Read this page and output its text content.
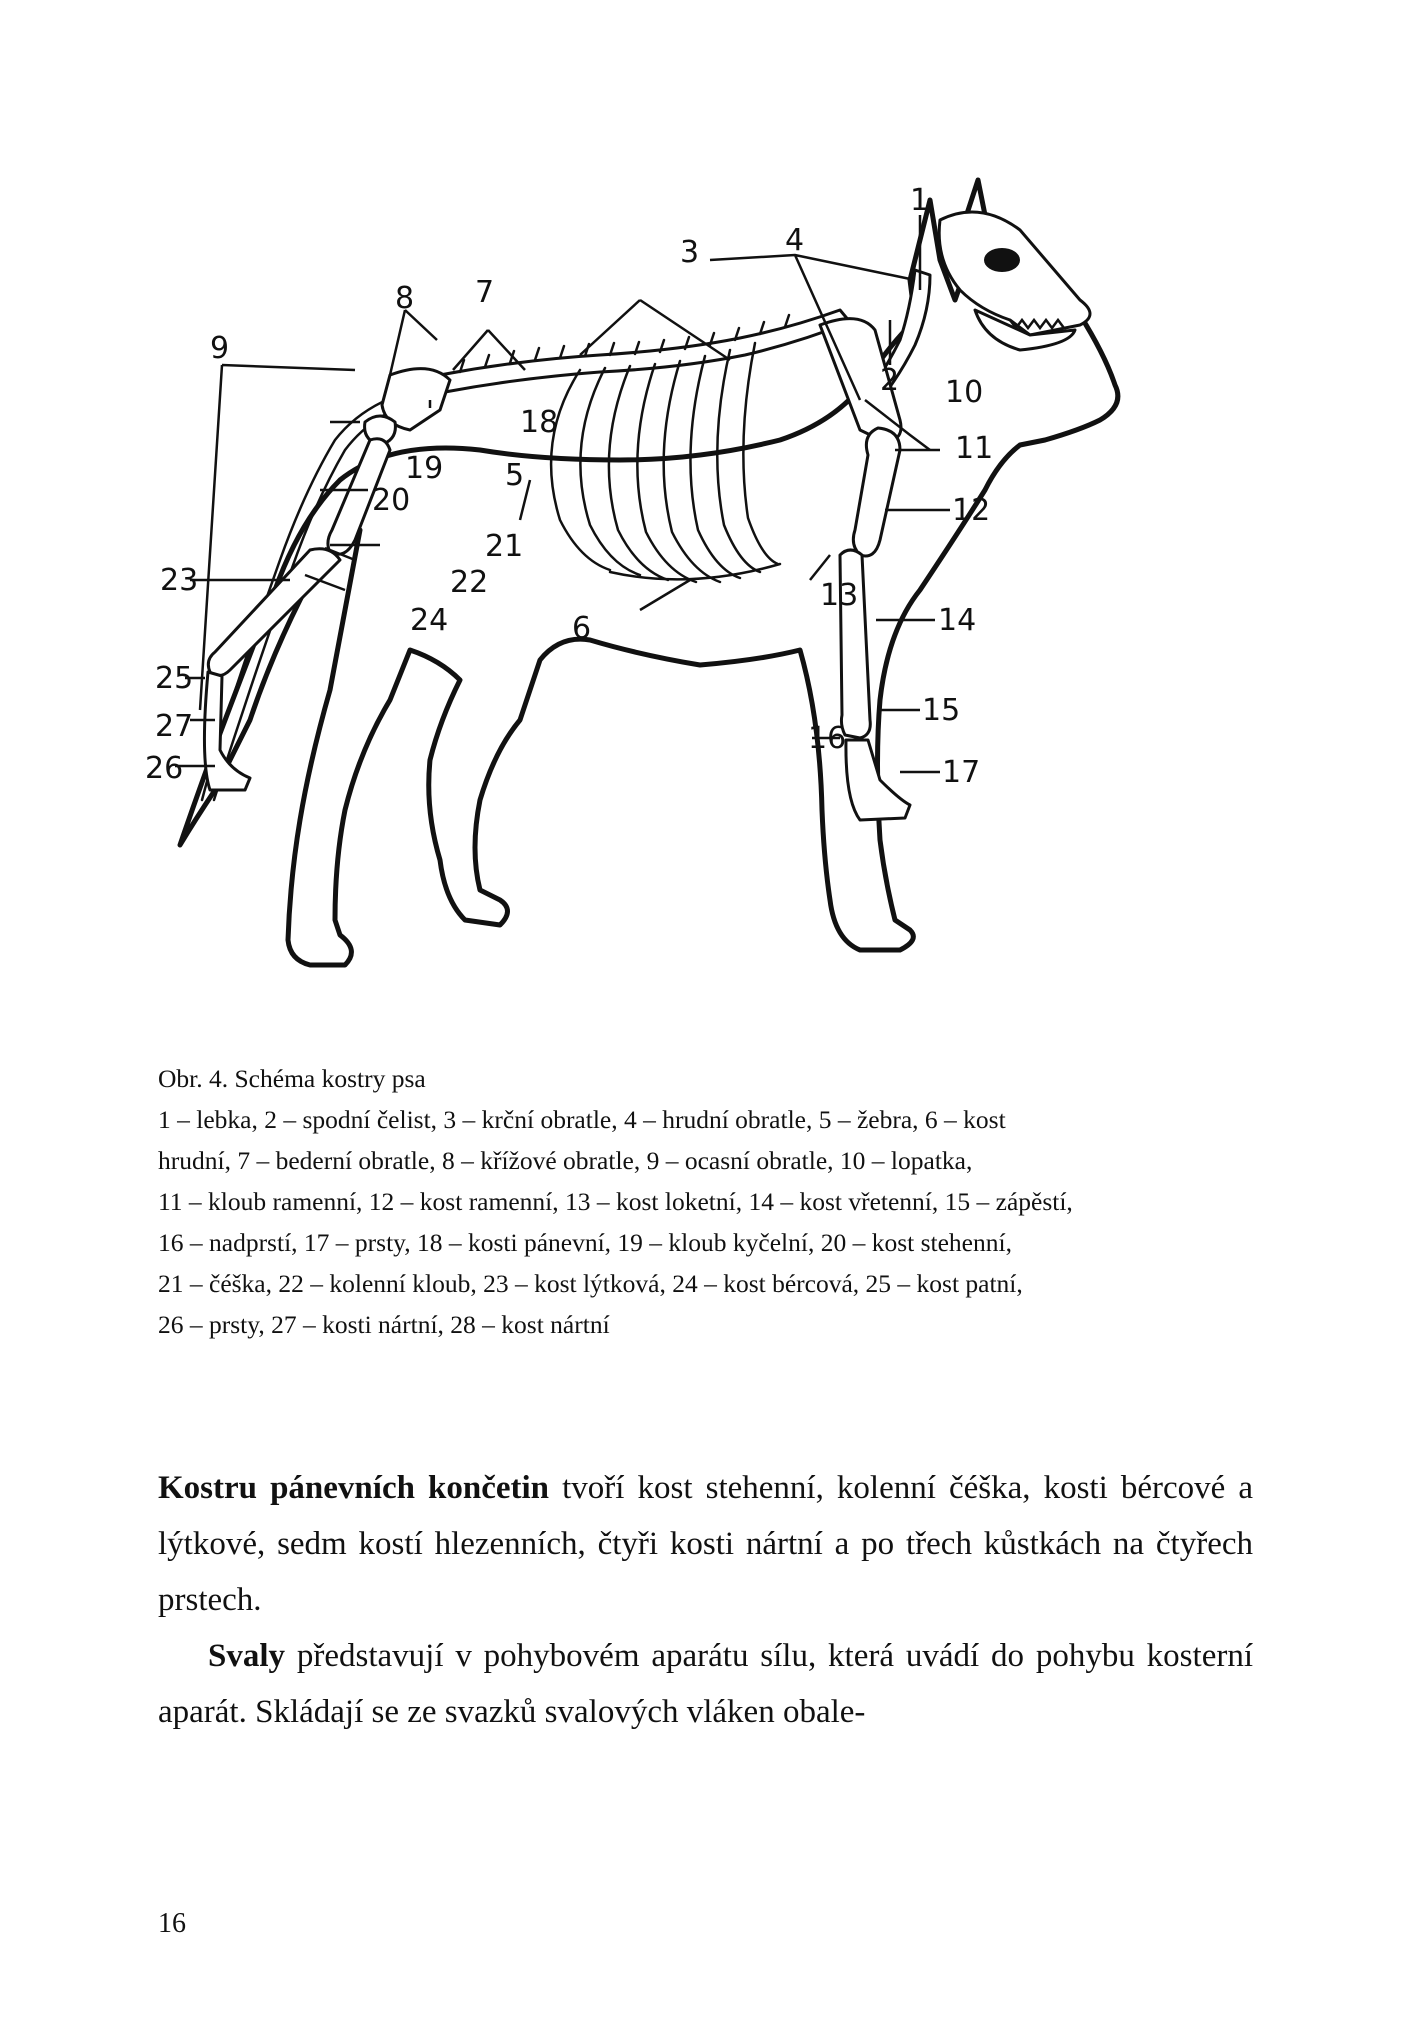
1
2
3	4
5
6
7
8
9
10
11
12
13
14
15
16
17
18
19
20
21
22
23
24
25
27
26

Obr. 4. Schéma kostry psa

1 – lebka, 2 – spodní čelist, 3 – krční obratle, 4 – hrudní obratle, 5 – žebra, 6 – kost

hrudní, 7 – bederní obratle, 8 – křížové obratle, 9 – ocasní obratle, 10 – lopatka,

11 – kloub ramenní, 12 – kost ramenní, 13 – kost loketní, 14 – kost vřetenní, 15 – zápěstí,

16 – nadprstí, 17 – prsty, 18 – kosti pánevní, 19 – kloub kyčelní, 20 – kost stehenní,

21 – čéška, 22 – kolenní kloub, 23 – kost lýtková, 24 – kost bércová, 25 – kost patní,

26 – prsty, 27 – kosti nártní, 28 – kost nártní

Kostru pánevních končetin tvoří kost stehenní, kolenní čéška, kosti bércové a lýtkové, sedm kostí hlezenních, čtyři kosti nártní a po třech kůstkách na čtyřech prstech.

Svaly představují v pohybovém aparátu sílu, která uvádí do pohybu kosterní aparát. Skládají se ze svazků svalových vláken obale-

16
